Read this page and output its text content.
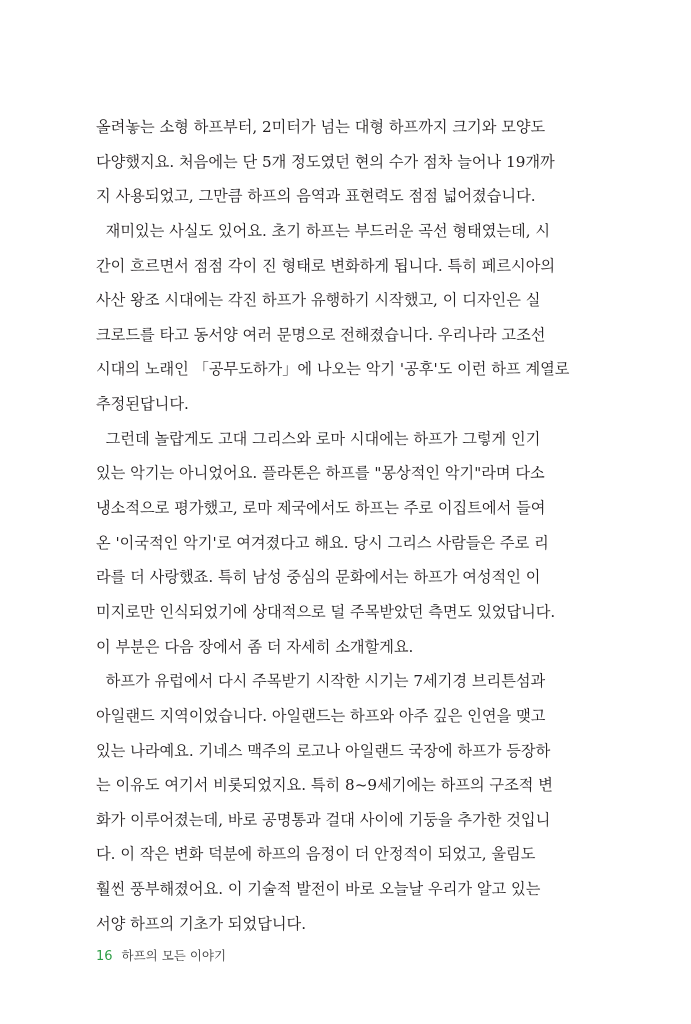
올려놓는 소형 하프부터, 2미터가 넘는 대형 하프까지 크기와 모양도
다양했지요. 처음에는 단 5개 정도였던 현의 수가 점차 늘어나 19개까
지 사용되었고, 그만큼 하프의 음역과 표현력도 점점 넓어졌습니다.
재미있는 사실도 있어요. 초기 하프는 부드러운 곡선 형태였는데, 시
간이 흐르면서 점점 각이 진 형태로 변화하게 됩니다. 특히 페르시아의
사산 왕조 시대에는 각진 하프가 유행하기 시작했고, 이 디자인은 실
크로드를 타고 동서양 여러 문명으로 전해졌습니다. 우리나라 고조선
시대의 노래인 「공무도하가」에 나오는 악기 '공후'도 이런 하프 계열로
추정된답니다.
그런데 놀랍게도 고대 그리스와 로마 시대에는 하프가 그렇게 인기
있는 악기는 아니었어요. 플라톤은 하프를 "몽상적인 악기"라며 다소
냉소적으로 평가했고, 로마 제국에서도 하프는 주로 이집트에서 들여
온 '이국적인 악기'로 여겨졌다고 해요. 당시 그리스 사람들은 주로 리
라를 더 사랑했죠. 특히 남성 중심의 문화에서는 하프가 여성적인 이
미지로만 인식되었기에 상대적으로 덜 주목받았던 측면도 있었답니다.
이 부분은 다음 장에서 좀 더 자세히 소개할게요.
하프가 유럽에서 다시 주목받기 시작한 시기는 7세기경 브리튼섬과
아일랜드 지역이었습니다. 아일랜드는 하프와 아주 깊은 인연을 맺고
있는 나라예요. 기네스 맥주의 로고나 아일랜드 국장에 하프가 등장하
는 이유도 여기서 비롯되었지요. 특히 8~9세기에는 하프의 구조적 변
화가 이루어졌는데, 바로 공명통과 걸대 사이에 기둥을 추가한 것입니
다. 이 작은 변화 덕분에 하프의 음정이 더 안정적이 되었고, 울림도
훨씬 풍부해졌어요. 이 기술적 발전이 바로 오늘날 우리가 알고 있는
서양 하프의 기초가 되었답니다.
16 하프의 모든 이야기
